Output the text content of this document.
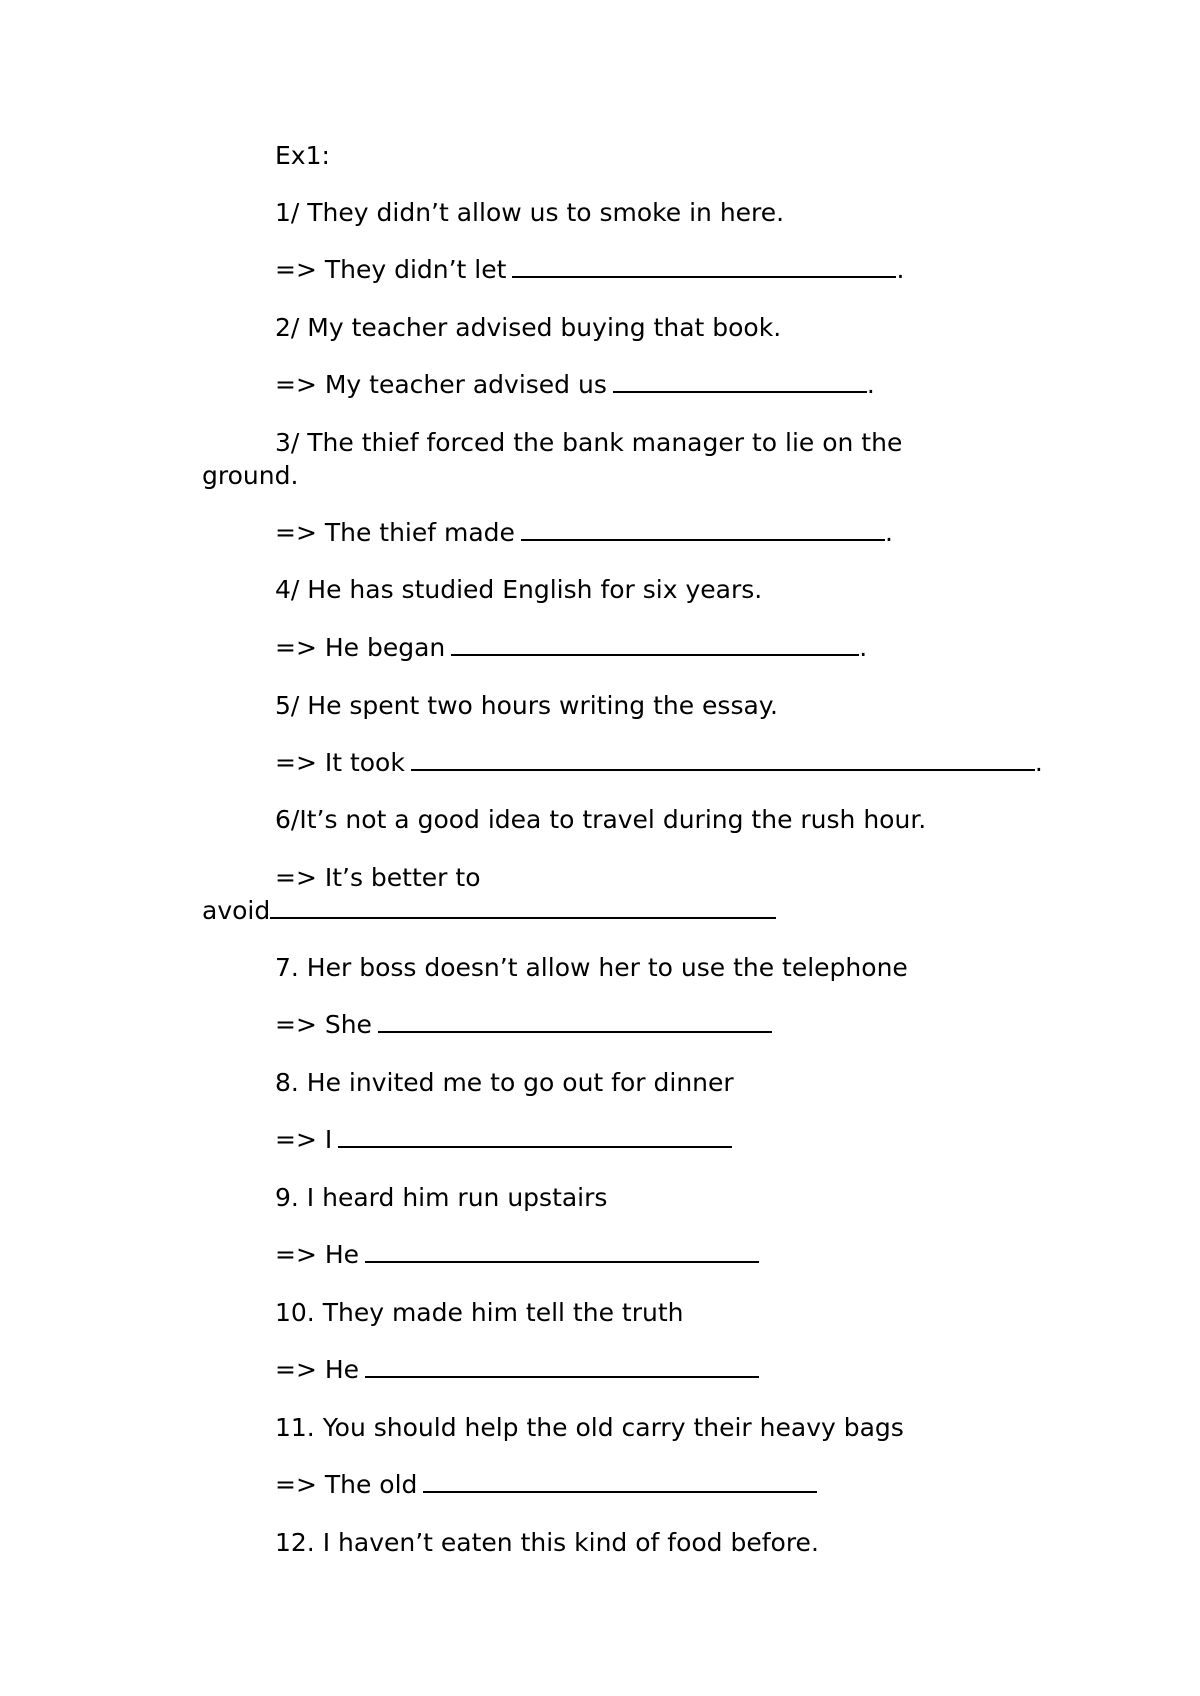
Ex1:
1/ They didn’t allow us to smoke in here.
=> They didn’t let	.
2/ My teacher advised buying that book.
=> My teacher advised us	.
3/ The thief forced the bank manager to lie on the
ground.
=> The thief made	.
4/ He has studied English for six years.
=> He began	.
5/ He spent two hours writing the essay.
=> It took	.
6/It’s not a good idea to travel during the rush hour.
=> It’s better to
avoid
7. Her boss doesn’t allow her to use the telephone
=> She
8. He invited me to go out for dinner
=> I
9. I heard him run upstairs
=> He
10. They made him tell the truth
=> He
11. You should help the old carry their heavy bags
=> The old
12. I haven’t eaten this kind of food before.
